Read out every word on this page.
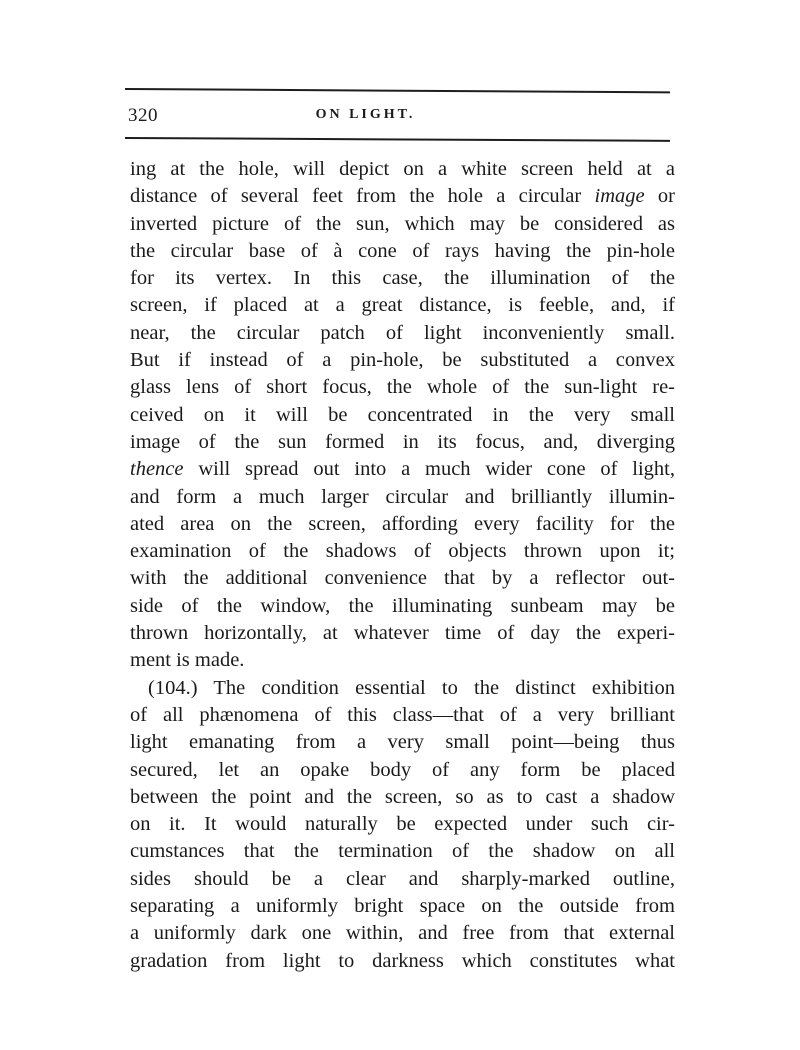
320	ON LIGHT.
ing at the hole, will depict on a white screen held at a
distance of several feet from the hole a circular image or
inverted picture of the sun, which may be considered as
the circular base of à cone of rays having the pin-hole
for its vertex. In this case, the illumination of the
screen, if placed at a great distance, is feeble, and, if
near, the circular patch of light inconveniently small.
But if instead of a pin-hole, be substituted a convex
glass lens of short focus, the whole of the sun-light re-
ceived on it will be concentrated in the very small
image of the sun formed in its focus, and, diverging
thence will spread out into a much wider cone of light,
and form a much larger circular and brilliantly illumin-
ated area on the screen, affording every facility for the
examination of the shadows of objects thrown upon it;
with the additional convenience that by a reflector out-
side of the window, the illuminating sunbeam may be
thrown horizontally, at whatever time of day the experi-
ment is made.
(104.) The condition essential to the distinct exhibition
of all phænomena of this class—that of a very brilliant
light emanating from a very small point—being thus
secured, let an opake body of any form be placed
between the point and the screen, so as to cast a shadow
on it. It would naturally be expected under such cir-
cumstances that the termination of the shadow on all
sides should be a clear and sharply-marked outline,
separating a uniformly bright space on the outside from
a uniformly dark one within, and free from that external
gradation from light to darkness which constitutes what
